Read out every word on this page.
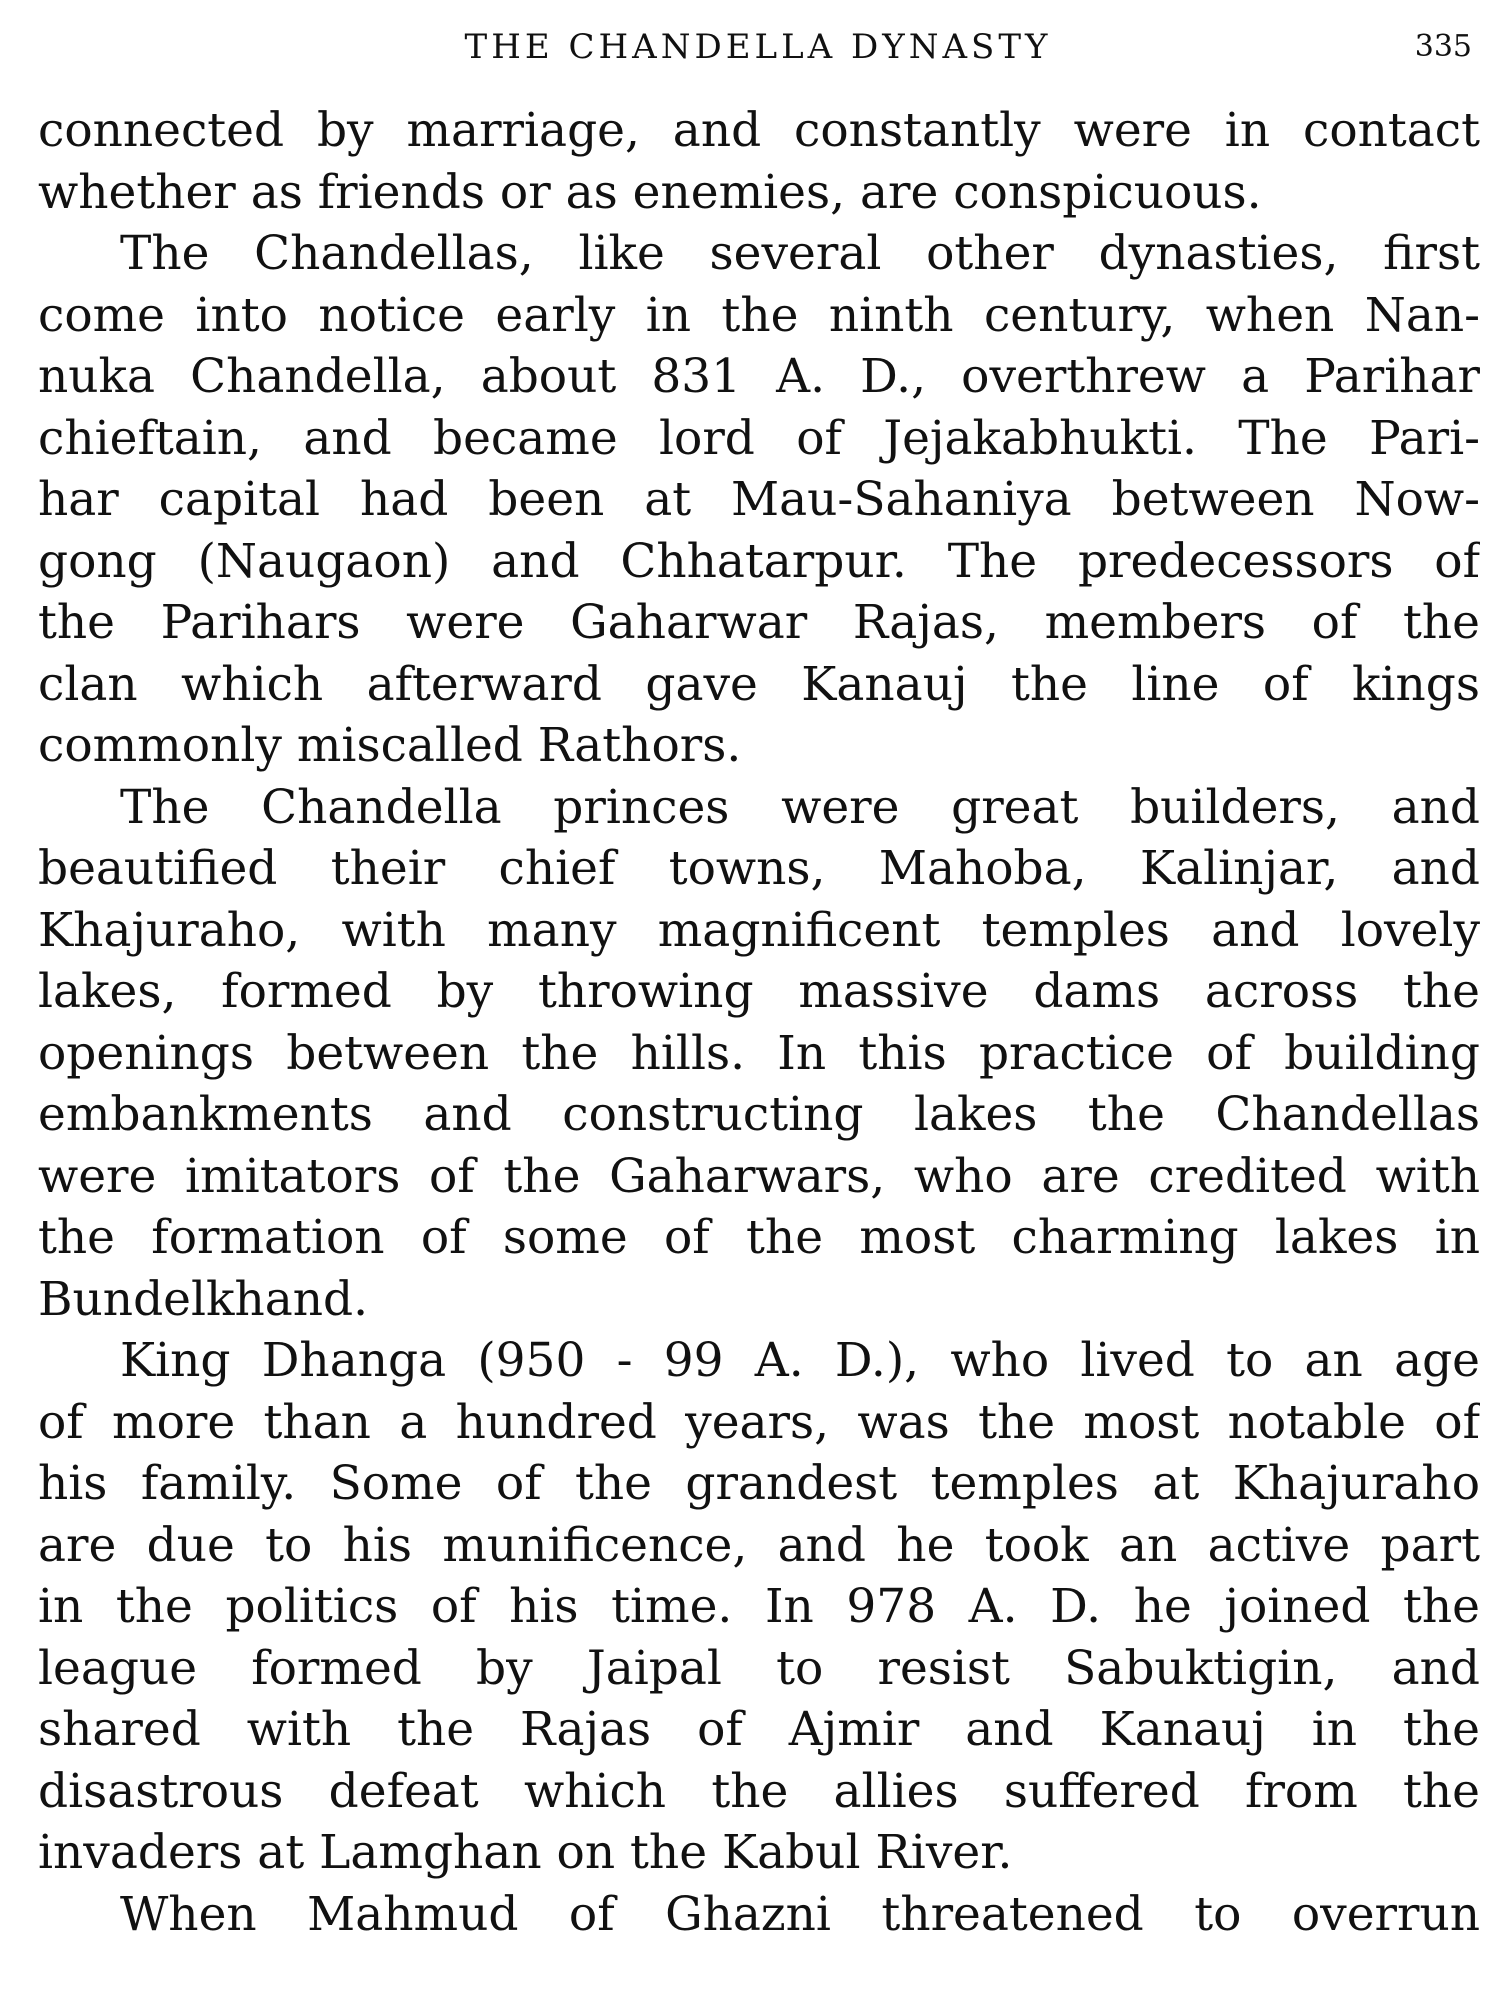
THE CHANDELLA DYNASTY	335
connected by marriage, and constantly were in contact
whether as friends or as enemies, are conspicuous.
The Chandellas, like several other dynasties, first
come into notice early in the ninth century, when Nan-
nuka Chandella, about 831 A. D., overthrew a Parihar
chieftain, and became lord of Jejakabhukti. The Pari-
har capital had been at Mau-Sahaniya between Now-
gong (Naugaon) and Chhatarpur. The predecessors of
the Parihars were Gaharwar Rajas, members of the
clan which afterward gave Kanauj the line of kings
commonly miscalled Rathors.
The Chandella princes were great builders, and
beautified their chief towns, Mahoba, Kalinjar, and
Khajuraho, with many magnificent temples and lovely
lakes, formed by throwing massive dams across the
openings between the hills. In this practice of building
embankments and constructing lakes the Chandellas
were imitators of the Gaharwars, who are credited with
the formation of some of the most charming lakes in
Bundelkhand.
King Dhanga (950 - 99 A. D.), who lived to an age
of more than a hundred years, was the most notable of
his family. Some of the grandest temples at Khajuraho
are due to his munificence, and he took an active part
in the politics of his time. In 978 A. D. he joined the
league formed by Jaipal to resist Sabuktigin, and
shared with the Rajas of Ajmir and Kanauj in the
disastrous defeat which the allies suffered from the
invaders at Lamghan on the Kabul River.
When Mahmud of Ghazni threatened to overrun
